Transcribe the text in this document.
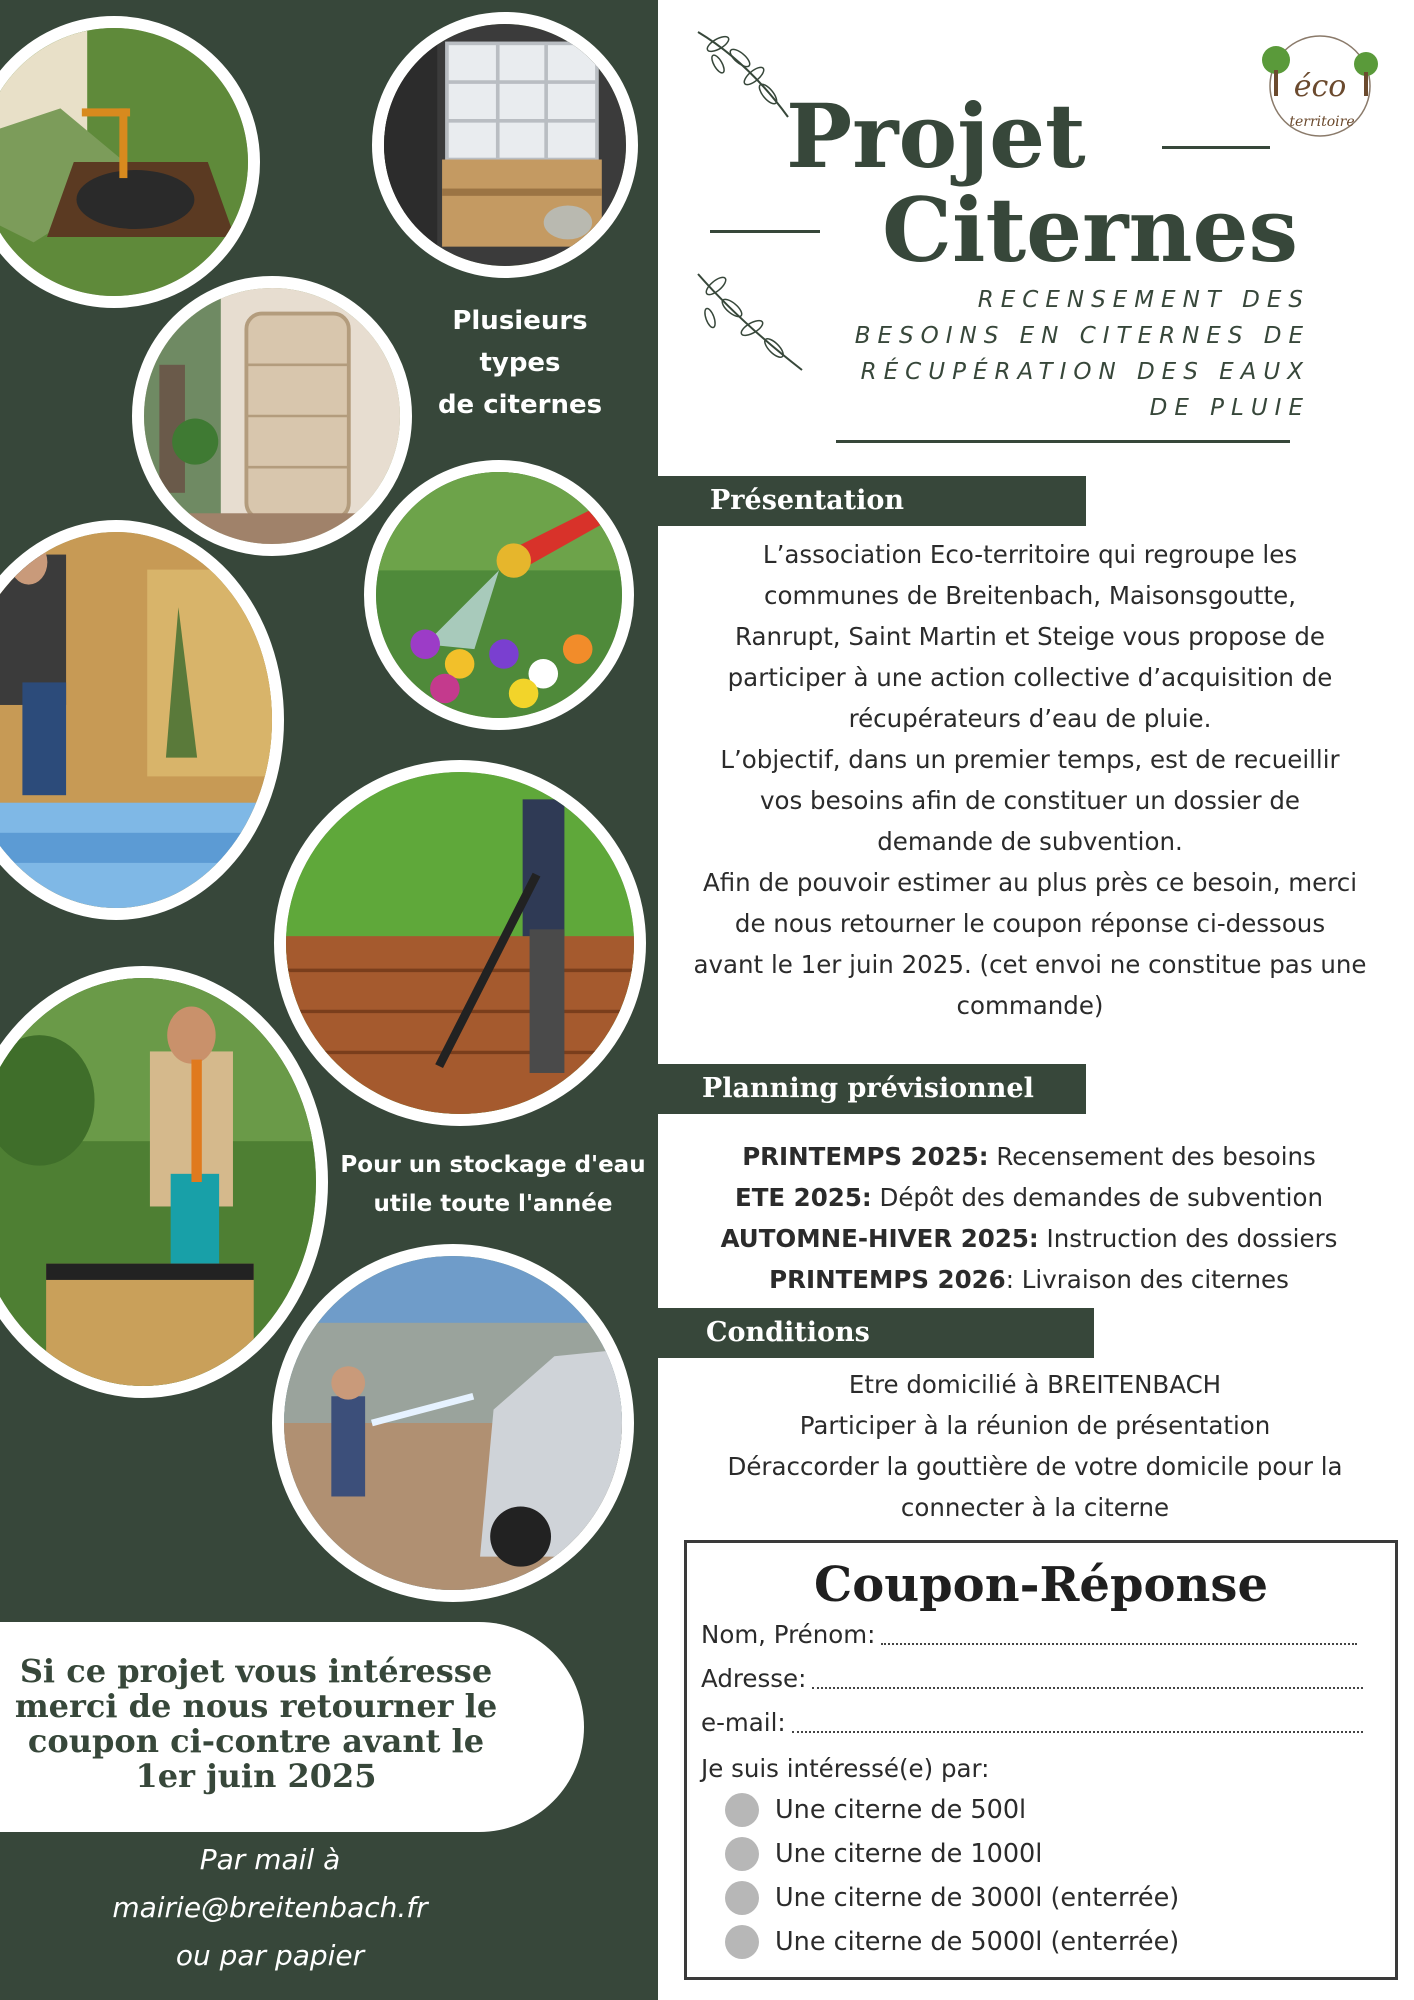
Plusieurs
types
de citernes
Pour un stockage d'eau
utile toute l'année
Si ce projet vous intéresse
merci de nous retourner le
coupon ci-contre avant le
1er juin 2025
Par mail à
mairie@breitenbach.fr
ou par papier
Projet
Citernes
RECENSEMENT DES
BESOINS EN CITERNES DE
RÉCUPÉRATION DES EAUX
DE PLUIE
éco
territoire
Présentation
L’association Eco-territoire qui regroupe les
communes de Breitenbach, Maisonsgoutte,
Ranrupt, Saint Martin et Steige vous propose de
participer à une action collective d’acquisition de
récupérateurs d’eau de pluie.
L’objectif, dans un premier temps, est de recueillir
vos besoins afin de constituer un dossier de
demande de subvention.
Afin de pouvoir estimer au plus près ce besoin, merci
de nous retourner le coupon réponse ci-dessous
avant le 1er juin 2025. (cet envoi ne constitue pas une
commande)
Planning prévisionnel
PRINTEMPS 2025: Recensement des besoins
ETE 2025: Dépôt des demandes de subvention
AUTOMNE-HIVER 2025: Instruction des dossiers
PRINTEMPS 2026: Livraison des citernes
Conditions
Etre domicilié à BREITENBACH
Participer à la réunion de présentation
Déraccorder la gouttière de votre domicile pour la
connecter à la citerne
Coupon-Réponse
Nom, Prénom:
Adresse:
e-mail:
Je suis intéressé(e) par:
Une citerne de 500l
Une citerne de 1000l
Une citerne de 3000l (enterrée)
Une citerne de 5000l (enterrée)
